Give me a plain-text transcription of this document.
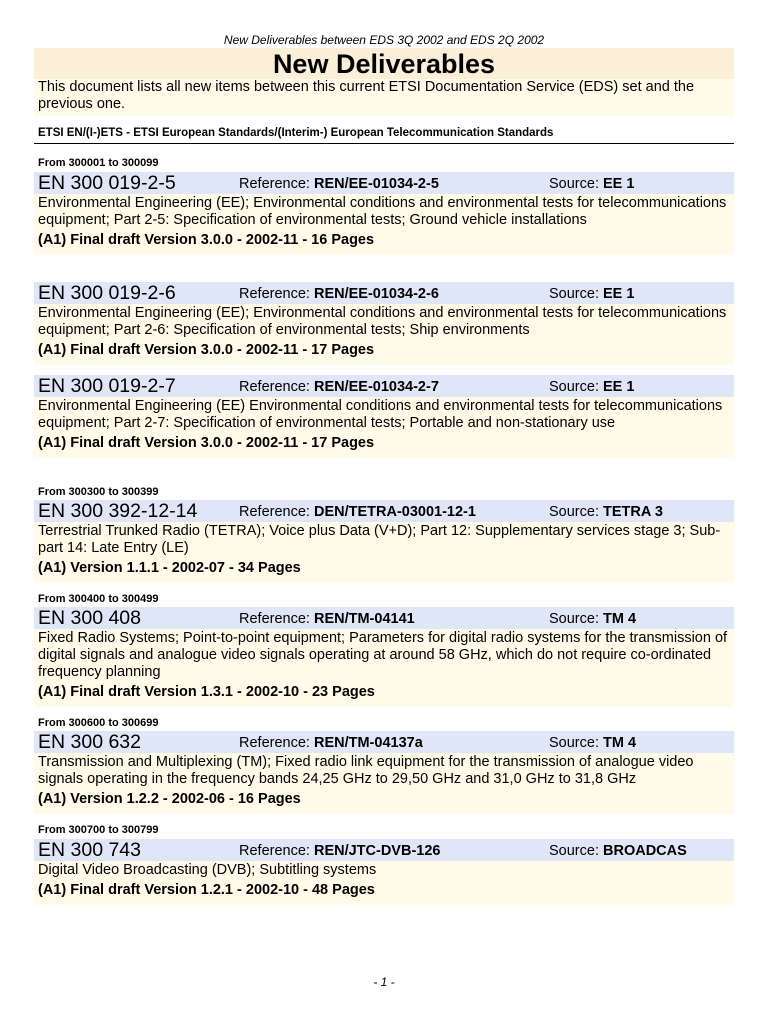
New Deliverables between EDS 3Q 2002 and EDS 2Q 2002
New Deliverables
This document lists all new items between this current ETSI Documentation Service (EDS) set and the previous one.
ETSI EN/(I-)ETS - ETSI European Standards/(Interim-) European Telecommunication Standards
From 300001 to 300099
From 300300 to 300399
From 300400 to 300499
From 300600 to 300699
From 300700 to 300799
EN 300 019-2-5	Reference: REN/EE-01034-2-5	Source: EE 1
Environmental Engineering (EE); Environmental conditions and environmental tests for telecommunications equipment; Part 2-5: Specification of environmental tests; Ground vehicle installations
(A1) Final draft Version 3.0.0 - 2002-11 - 16 Pages
EN 300 019-2-6	Reference: REN/EE-01034-2-6	Source: EE 1
Environmental Engineering (EE); Environmental conditions and environmental tests for telecommunications equipment; Part 2-6: Specification of environmental tests; Ship environments
(A1) Final draft Version 3.0.0 - 2002-11 - 17 Pages
EN 300 019-2-7	Reference: REN/EE-01034-2-7	Source: EE 1
Environmental Engineering (EE) Environmental conditions and environmental tests for telecommunications equipment; Part 2-7: Specification of environmental tests; Portable and non-stationary use
(A1) Final draft Version 3.0.0 - 2002-11 - 17 Pages
EN 300 392-12-14	Reference: DEN/TETRA-03001-12-1	Source: TETRA 3
Terrestrial Trunked Radio (TETRA); Voice plus Data (V+D); Part 12: Supplementary services stage 3; Sub-part 14: Late Entry (LE)
(A1) Version 1.1.1 - 2002-07 - 34 Pages
EN 300 408	Reference: REN/TM-04141	Source: TM 4
Fixed Radio Systems; Point-to-point equipment; Parameters for digital radio systems for the transmission of digital signals and analogue video signals operating at around 58 GHz, which do not require co-ordinated frequency planning
(A1) Final draft Version 1.3.1 - 2002-10 - 23 Pages
EN 300 632	Reference: REN/TM-04137a	Source: TM 4
Transmission and Multiplexing (TM); Fixed radio link equipment for the transmission of analogue video signals operating in the frequency bands 24,25 GHz to 29,50 GHz and 31,0 GHz to 31,8 GHz
(A1) Version 1.2.2 - 2002-06 - 16 Pages
EN 300 743	Reference: REN/JTC-DVB-126	Source: BROADCAS
Digital Video Broadcasting (DVB); Subtitling systems
(A1) Final draft Version 1.2.1 - 2002-10 - 48 Pages
- 1 -
